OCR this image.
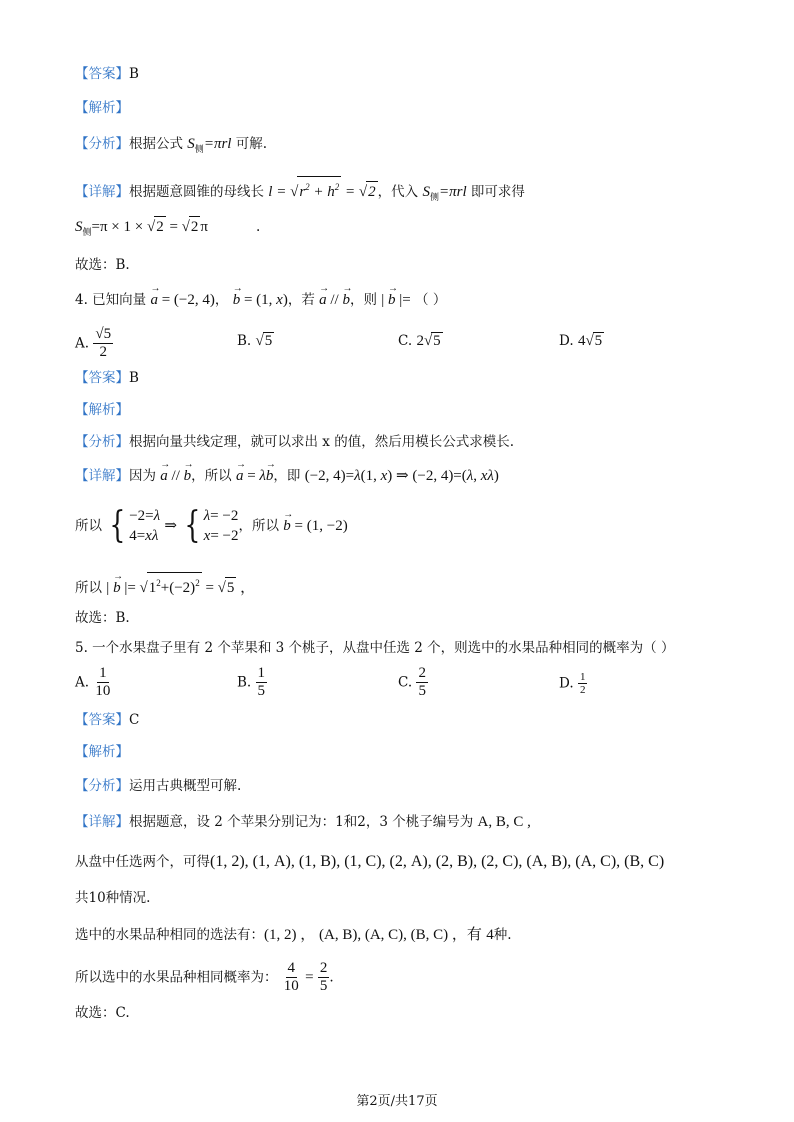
【答案】B
【解析】
【分析】根据公式 $S_侧=\pi rl$ 可解.
【详解】根据题意圆锥的母线长 $l = √r^2 + h^2 = √2$ ，代入 $S_侧=\pi rl$ 即可求得
$S_侧=\pi \times 1 \times √2 = √2$ π	.
故选：B.
4. 已知向量 → a = (−2, 4)， → b = (1, x)，若 → a // → b，则 | → b |= （ ）
A. $\frac{√5}{2}$	B. √5	C. 2√5	D. 4√5
【答案】B
【解析】
【分析】根据向量共线定理，就可以求出 x 的值，然后用模长公式求模长.
【详解】因为 → a // → b，所以 → a = λ→ b，即 (−2, 4)=λ(1, x) ⇒ (−2, 4)=(λ, xλ)
所以 { −2=λ
4=xλ
⇒ { λ= −2
x= −2
，所以 → b = (1, −2)
所以 | → b |= $√1^2+(-2)^2 = √5$ ，
故选：B.
5. 一个水果盘子里有 2 个苹果和 3 个桃子，从盘中任选 2 个，则选中的水果品种相同的概率为（ ）
A. $\frac{1}{10}$	B. $\frac{1}{5}$	C. $\frac{2}{5}$	D. $\frac{1}{2}$
【答案】C
【解析】
【分析】运用古典概型可解.
【详解】根据题意，设 2 个苹果分别记为：1和2，3 个桃子编号为 A, B, C ,
从盘中任选两个，可得(1, 2), (1, A), (1, B), (1, C), (2, A), (2, B), (2, C), (A, B), (A, C), (B, C)
共10种情况.
选中的水果品种相同的选法有：(1, 2) ， (A, B), (A, C), (B, C) ，有 4种.
所以选中的水果品种相同概率为： $\frac{4}{10} = \frac{2}{5}$ .
故选：C.
第2页/共17页
